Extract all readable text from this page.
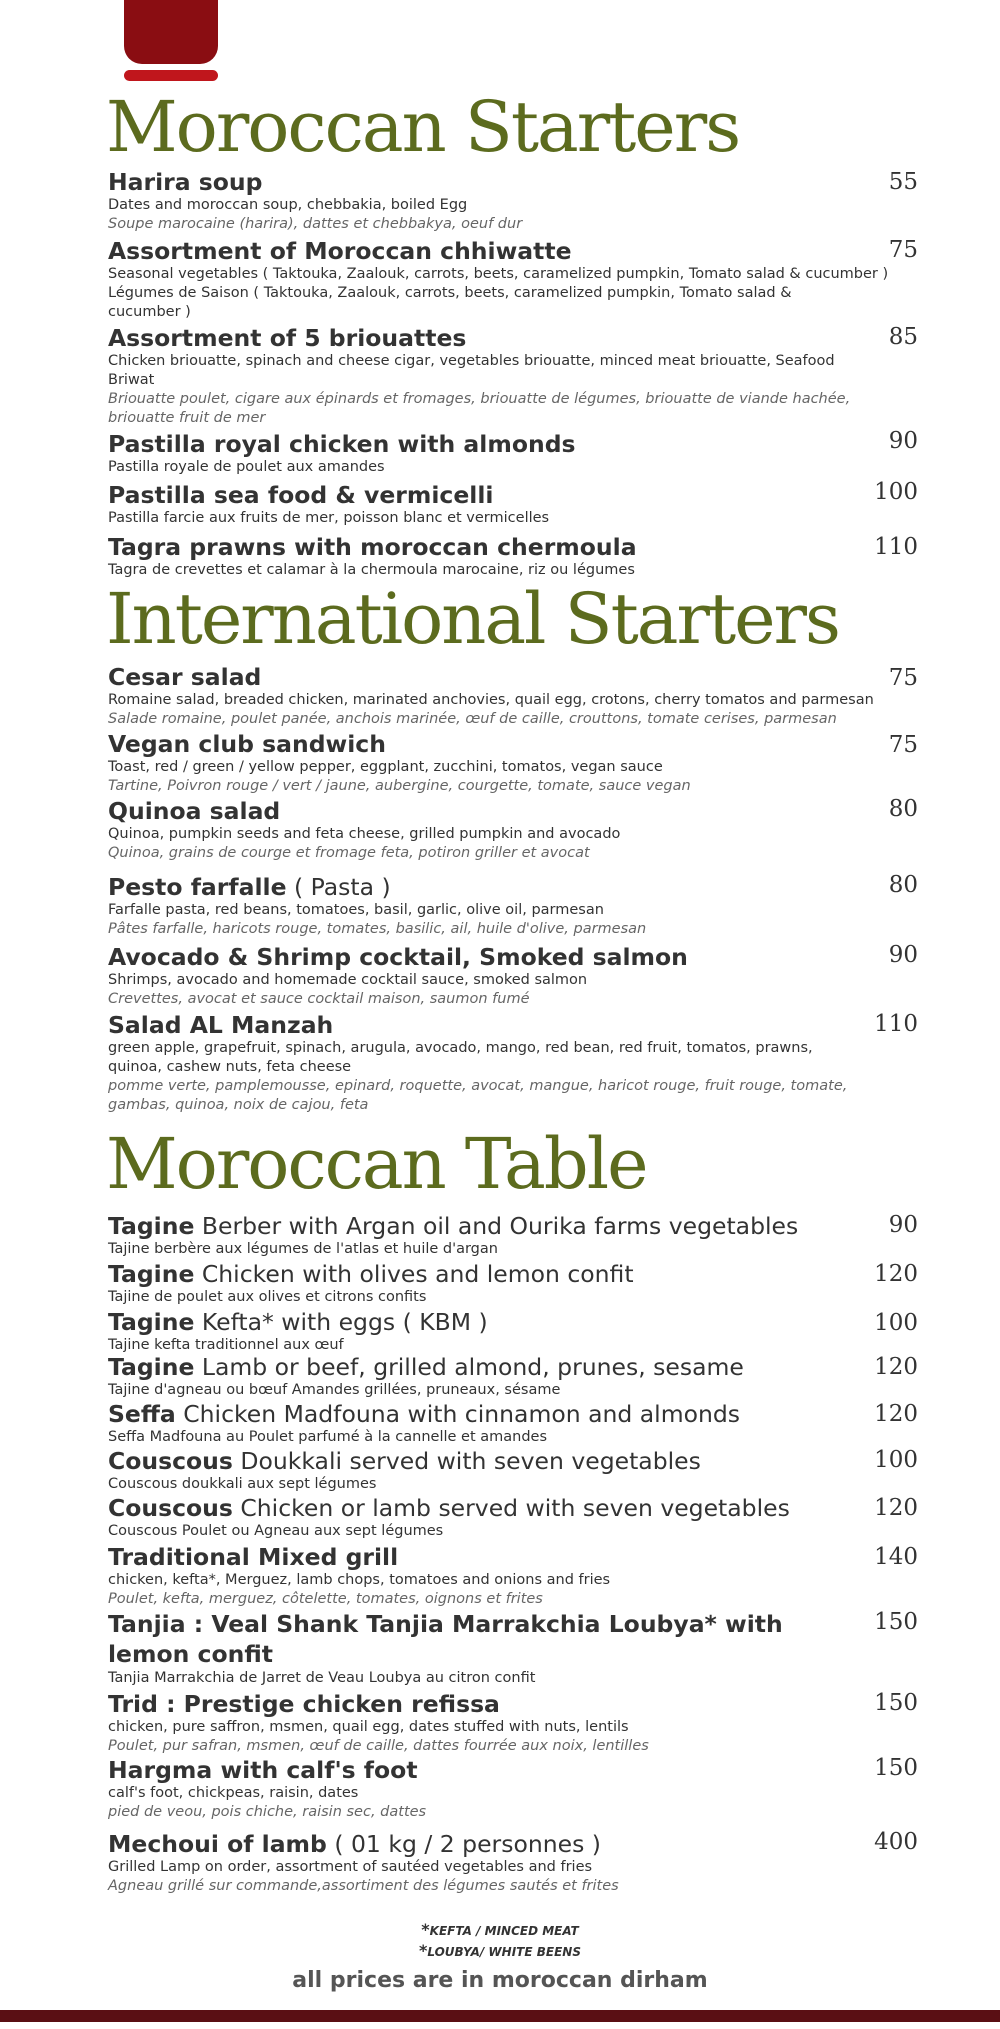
Moroccan Starters

Harira soup

Dates and moroccan soup, chebbakia, boiled Egg

Soupe marocaine (harira), dattes et chebbakya, oeuf dur

55

Assortment of Moroccan chhiwatte

Seasonal vegetables ( Taktouka, Zaalouk, carrots, beets, caramelized pumpkin, Tomato salad & cucumber )

Légumes de Saison ( Taktouka, Zaalouk, carrots, beets, caramelized pumpkin, Tomato salad & cucumber )

75

Assortment of 5 briouattes

Chicken briouatte, spinach and cheese cigar, vegetables briouatte, minced meat briouatte, Seafood Briwat

Briouatte poulet, cigare aux épinards et fromages, briouatte de légumes, briouatte de viande hachée, briouatte fruit de mer

85

Pastilla royal chicken with almonds

Pastilla royale de poulet aux amandes

90

Pastilla sea food & vermicelli

Pastilla farcie aux fruits de mer, poisson blanc et vermicelles

100

Tagra prawns with moroccan chermoula

Tagra de crevettes et calamar à la chermoula marocaine, riz ou légumes

110
International Starters

Cesar salad

Romaine salad, breaded chicken, marinated anchovies, quail egg, crotons, cherry tomatos and parmesan

Salade romaine, poulet panée, anchois marinée, œuf de caille, crouttons, tomate cerises, parmesan

75

Vegan club sandwich

Toast, red / green / yellow pepper, eggplant, zucchini, tomatos, vegan sauce

Tartine, Poivron rouge / vert / jaune, aubergine, courgette, tomate, sauce vegan

75

Quinoa salad

Quinoa, pumpkin seeds and feta cheese, grilled pumpkin and avocado

Quinoa, grains de courge et fromage feta, potiron griller et avocat

80

Pesto farfalle ( Pasta )

Farfalle pasta, red beans, tomatoes, basil, garlic, olive oil, parmesan

Pâtes farfalle, haricots rouge, tomates, basilic, ail, huile d'olive, parmesan

80

Avocado & Shrimp cocktail, Smoked salmon

Shrimps, avocado and homemade cocktail sauce, smoked salmon

Crevettes, avocat et sauce cocktail maison, saumon fumé

90

Salad AL Manzah

green apple, grapefruit, spinach, arugula, avocado, mango, red bean, red fruit, tomatos, prawns, quinoa, cashew nuts, feta cheese

pomme verte, pamplemousse, epinard, roquette, avocat, mangue, haricot rouge, fruit rouge, tomate, gambas, quinoa, noix de cajou, feta

110
Moroccan Table

Tagine Berber with Argan oil and Ourika farms vegetables

Tajine berbère aux légumes de l'atlas et huile d'argan

90

Tagine Chicken with olives and lemon confit

Tajine de poulet aux olives et citrons confits

120

Tagine Kefta* with eggs ( KBM )

Tajine kefta traditionnel aux œuf

100

Tagine Lamb or beef, grilled almond, prunes, sesame

Tajine d'agneau ou bœuf Amandes grillées, pruneaux, sésame

120

Seffa Chicken Madfouna with cinnamon and almonds

Seffa Madfouna au Poulet parfumé à la cannelle et amandes

120

Couscous Doukkali served with seven vegetables

Couscous doukkali aux sept légumes

100

Couscous Chicken or lamb served with seven vegetables

Couscous Poulet ou Agneau aux sept légumes

120

Traditional Mixed grill

chicken, kefta*, Merguez, lamb chops, tomatoes and onions and fries

Poulet, kefta, merguez, côtelette, tomates, oignons et frites

140

Tanjia : Veal Shank Tanjia Marrakchia Loubya* with lemon confit

Tanjia Marrakchia de Jarret de Veau Loubya au citron confit

150

Trid : Prestige chicken refissa

chicken, pure saffron, msmen, quail egg, dates stuffed with nuts, lentils

Poulet, pur safran, msmen, œuf de caille, dattes fourrée aux noix, lentilles

150

Hargma with calf's foot

calf's foot, chickpeas, raisin, dates

pied de veou, pois chiche, raisin sec, dattes

150

Mechoui of lamb ( 01 kg / 2 personnes )

Grilled Lamp on order, assortment of sautéed vegetables and fries

Agneau grillé sur commande,assortiment des légumes sautés et frites

400
*KEFTA / MINCED MEAT
*LOUBYA/ WHITE BEENS
all prices are in moroccan dirham
